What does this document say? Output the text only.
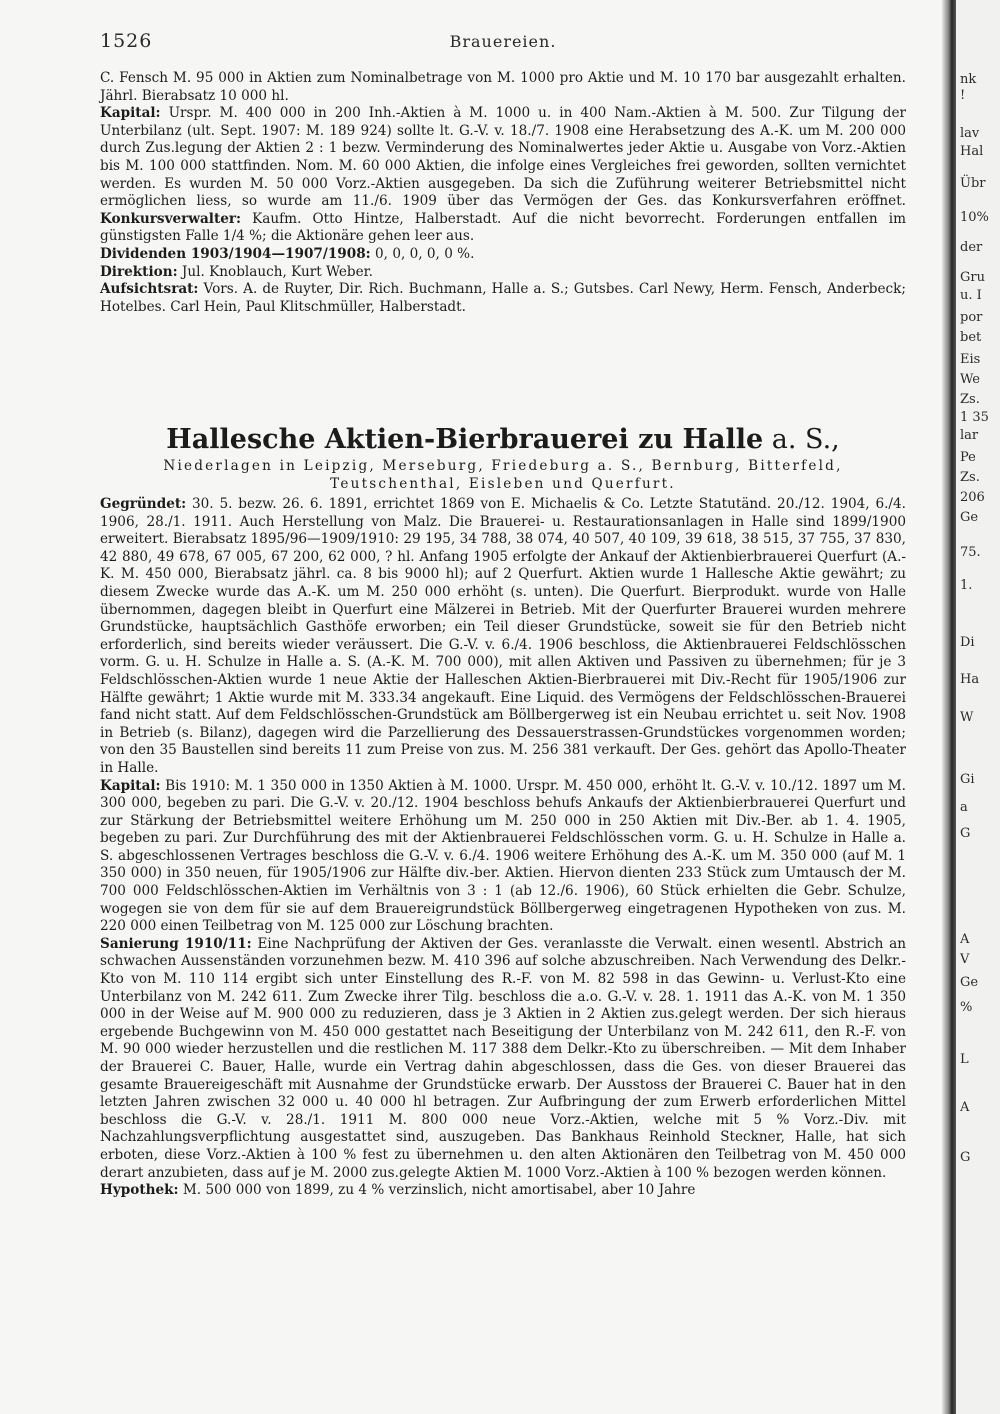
1526	Brauereien.

C. Fensch M. 95 000 in Aktien zum Nominalbetrage von M. 1000 pro Aktie und M. 10 170 bar ausgezahlt erhalten. Jährl. Bierabsatz 10 000 hl.

Kapital: Urspr. M. 400 000 in 200 Inh.-Aktien à M. 1000 u. in 400 Nam.-Aktien à M. 500. Zur Tilgung der Unterbilanz (ult. Sept. 1907: M. 189 924) sollte lt. G.-V. v. 18./7. 1908 eine Herabsetzung des A.-K. um M. 200 000 durch Zus.legung der Aktien 2 : 1 bezw. Verminderung des Nominalwertes jeder Aktie u. Ausgabe von Vorz.-Aktien bis M. 100 000 stattfinden. Nom. M. 60 000 Aktien, die infolge eines Vergleiches frei geworden, sollten vernichtet werden. Es wurden M. 50 000 Vorz.-Aktien ausgegeben. Da sich die Zuführung weiterer Betriebsmittel nicht ermöglichen liess, so wurde am 11./6. 1909 über das Vermögen der Ges. das Konkursverfahren eröffnet. Konkursverwalter: Kaufm. Otto Hintze, Halberstadt. Auf die nicht bevorrecht. Forderungen entfallen im günstigsten Falle 1/4 %; die Aktionäre gehen leer aus.

Dividenden 1903/1904—1907/1908: 0, 0, 0, 0, 0 %.

Direktion: Jul. Knoblauch, Kurt Weber.

Aufsichtsrat: Vors. A. de Ruyter, Dir. Rich. Buchmann, Halle a. S.; Gutsbes. Carl Newy, Herm. Fensch, Anderbeck; Hotelbes. Carl Hein, Paul Klitschmüller, Halberstadt.

Hallesche Aktien-Bierbrauerei zu Halle a. S.,
Niederlagen in Leipzig, Merseburg, Friedeburg a. S., Bernburg, Bitterfeld,
Teutschenthal, Eisleben und Querfurt.

Gegründet: 30. 5. bezw. 26. 6. 1891, errichtet 1869 von E. Michaelis & Co. Letzte Statutänd. 20./12. 1904, 6./4. 1906, 28./1. 1911. Auch Herstellung von Malz. Die Brauerei- u. Restaurationsanlagen in Halle sind 1899/1900 erweitert. Bierabsatz 1895/96—1909/1910: 29 195, 34 788, 38 074, 40 507, 40 109, 39 618, 38 515, 37 755, 37 830, 42 880, 49 678, 67 005, 67 200, 62 000, ? hl. Anfang 1905 erfolgte der Ankauf der Aktienbierbrauerei Querfurt (A.-K. M. 450 000, Bierabsatz jährl. ca. 8 bis 9000 hl); auf 2 Querfurt. Aktien wurde 1 Hallesche Aktie gewährt; zu diesem Zwecke wurde das A.-K. um M. 250 000 erhöht (s. unten). Die Querfurt. Bierprodukt. wurde von Halle übernommen, dagegen bleibt in Querfurt eine Mälzerei in Betrieb. Mit der Querfurter Brauerei wurden mehrere Grundstücke, hauptsächlich Gasthöfe erworben; ein Teil dieser Grundstücke, soweit sie für den Betrieb nicht erforderlich, sind bereits wieder veräussert. Die G.-V. v. 6./4. 1906 beschloss, die Aktienbrauerei Feldschlösschen vorm. G. u. H. Schulze in Halle a. S. (A.-K. M. 700 000), mit allen Aktiven und Passiven zu übernehmen; für je 3 Feldschlösschen-Aktien wurde 1 neue Aktie der Halleschen Aktien-Bierbrauerei mit Div.-Recht für 1905/1906 zur Hälfte gewährt; 1 Aktie wurde mit M. 333.34 angekauft. Eine Liquid. des Vermögens der Feldschlösschen-Brauerei fand nicht statt. Auf dem Feldschlösschen-Grundstück am Böllbergerweg ist ein Neubau errichtet u. seit Nov. 1908 in Betrieb (s. Bilanz), dagegen wird die Parzellierung des Dessauerstrassen-Grundstückes vorgenommen worden; von den 35 Baustellen sind bereits 11 zum Preise von zus. M. 256 381 verkauft. Der Ges. gehört das Apollo-Theater in Halle.

Kapital: Bis 1910: M. 1 350 000 in 1350 Aktien à M. 1000. Urspr. M. 450 000, erhöht lt. G.-V. v. 10./12. 1897 um M. 300 000, begeben zu pari. Die G.-V. v. 20./12. 1904 beschloss behufs Ankaufs der Aktienbierbrauerei Querfurt und zur Stärkung der Betriebsmittel weitere Erhöhung um M. 250 000 in 250 Aktien mit Div.-Ber. ab 1. 4. 1905, begeben zu pari. Zur Durchführung des mit der Aktienbrauerei Feldschlösschen vorm. G. u. H. Schulze in Halle a. S. abgeschlossenen Vertrages beschloss die G.-V. v. 6./4. 1906 weitere Erhöhung des A.-K. um M. 350 000 (auf M. 1 350 000) in 350 neuen, für 1905/1906 zur Hälfte div.-ber. Aktien. Hiervon dienten 233 Stück zum Umtausch der M. 700 000 Feldschlösschen-Aktien im Verhältnis von 3 : 1 (ab 12./6. 1906), 60 Stück erhielten die Gebr. Schulze, wogegen sie von dem für sie auf dem Brauereigrundstück Böllbergerweg eingetragenen Hypotheken von zus. M. 220 000 einen Teilbetrag von M. 125 000 zur Löschung brachten.

Sanierung 1910/11: Eine Nachprüfung der Aktiven der Ges. veranlasste die Verwalt. einen wesentl. Abstrich an schwachen Aussenständen vorzunehmen bezw. M. 410 396 auf solche abzuschreiben. Nach Verwendung des Delkr.-Kto von M. 110 114 ergibt sich unter Einstellung des R.-F. von M. 82 598 in das Gewinn- u. Verlust-Kto eine Unterbilanz von M. 242 611. Zum Zwecke ihrer Tilg. beschloss die a.o. G.-V. v. 28. 1. 1911 das A.-K. von M. 1 350 000 in der Weise auf M. 900 000 zu reduzieren, dass je 3 Aktien in 2 Aktien zus.gelegt werden. Der sich hieraus ergebende Buchgewinn von M. 450 000 gestattet nach Beseitigung der Unterbilanz von M. 242 611, den R.-F. von M. 90 000 wieder herzustellen und die restlichen M. 117 388 dem Delkr.-Kto zu überschreiben. — Mit dem Inhaber der Brauerei C. Bauer, Halle, wurde ein Vertrag dahin abgeschlossen, dass die Ges. von dieser Brauerei das gesamte Brauereigeschäft mit Ausnahme der Grundstücke erwarb. Der Ausstoss der Brauerei C. Bauer hat in den letzten Jahren zwischen 32 000 u. 40 000 hl betragen. Zur Aufbringung der zum Erwerb erforderlichen Mittel beschloss die G.-V. v. 28./1. 1911 M. 800 000 neue Vorz.-Aktien, welche mit 5 % Vorz.-Div. mit Nachzahlungsverpflichtung ausgestattet sind, auszugeben. Das Bankhaus Reinhold Steckner, Halle, hat sich erboten, diese Vorz.-Aktien à 100 % fest zu übernehmen u. den alten Aktionären den Teilbetrag von M. 450 000 derart anzubieten, dass auf je M. 2000 zus.gelegte Aktien M. 1000 Vorz.-Aktien à 100 % bezogen werden können.

Hypothek: M. 500 000 von 1899, zu 4 % verzinslich, nicht amortisabel, aber 10 Jahre

nk
!
lav
Hal
Übr
10%
der
Gru
u. I
por
bet
Eis
We
Zs.
1 35
lar
Pe
Zs.
206
Ge
75.
1.
Di
Ha
W
Gi
a
G
A
V
Ge
%
L
A
G
